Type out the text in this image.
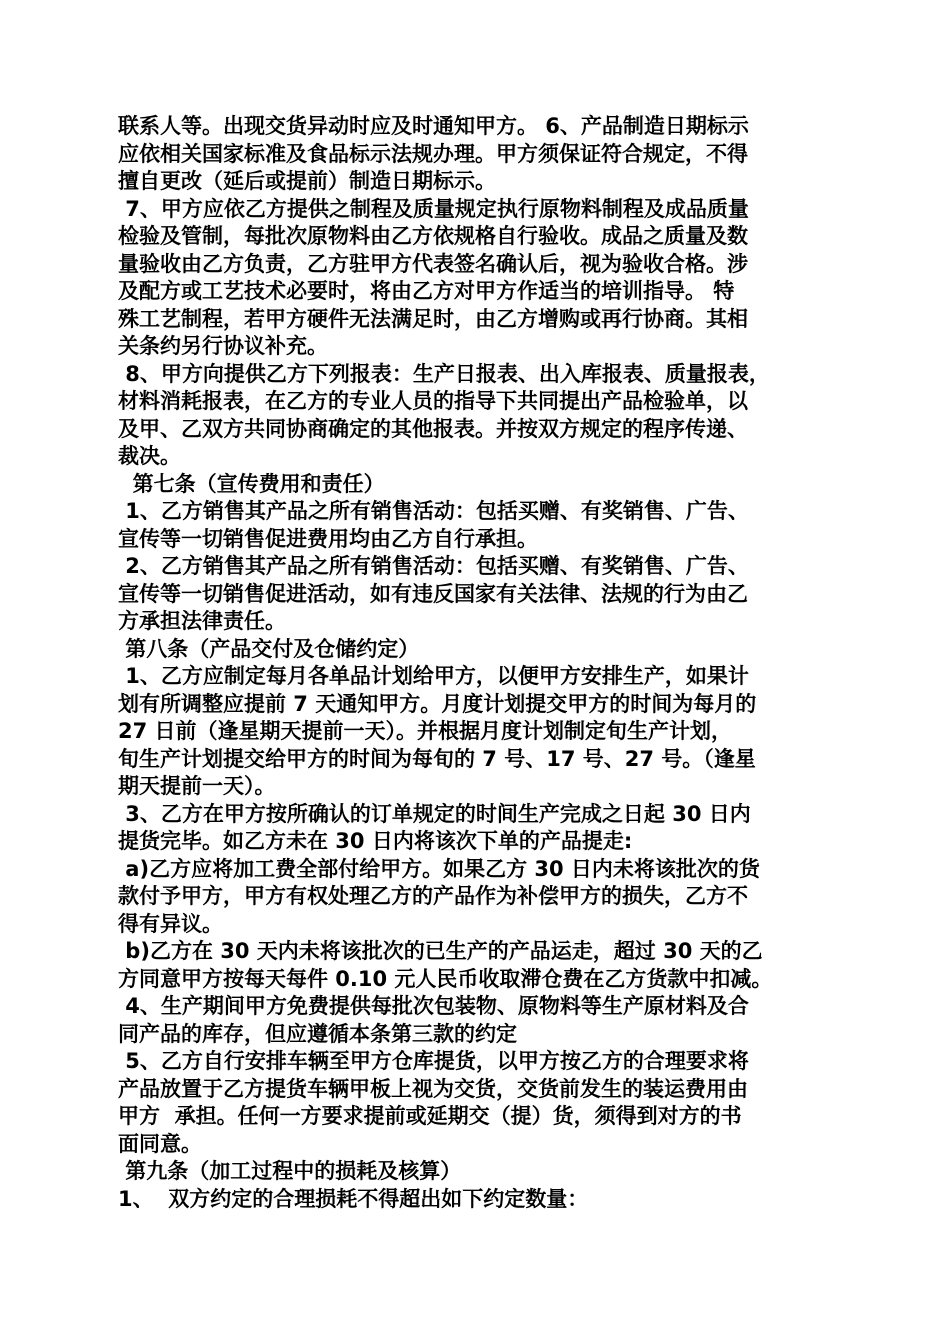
联系人等。出现交货异动时应及时通知甲方。 6、产品制造日期标示
应依相关国家标准及食品标示法规办理。甲方须保证符合规定，不得
擅自更改（延后或提前）制造日期标示。
7、甲方应依乙方提供之制程及质量规定执行原物料制程及成品质量
检验及管制，每批次原物料由乙方依规格自行验收。成品之质量及数
量验收由乙方负责，乙方驻甲方代表签名确认后，视为验收合格。涉
及配方或工艺技术必要时，将由乙方对甲方作适当的培训指导。 特
殊工艺制程，若甲方硬件无法满足时，由乙方增购或再行协商。其相
关条约另行协议补充。
8、甲方向提供乙方下列报表：生产日报表、出入库报表、质量报表，
材料消耗报表，在乙方的专业人员的指导下共同提出产品检验单，以
及甲、乙双方共同协商确定的其他报表。并按双方规定的程序传递、
裁决。
第七条（宣传费用和责任）
1、乙方销售其产品之所有销售活动：包括买赠、有奖销售、广告、
宣传等一切销售促进费用均由乙方自行承担。
2、乙方销售其产品之所有销售活动：包括买赠、有奖销售、广告、
宣传等一切销售促进活动，如有违反国家有关法律、法规的行为由乙
方承担法律责任。
第八条（产品交付及仓储约定）
1、乙方应制定每月各单品计划给甲方，以便甲方安排生产，如果计
划有所调整应提前 7 天通知甲方。月度计划提交甲方的时间为每月的
27 日前（逢星期天提前一天）。并根据月度计划制定旬生产计划，
旬生产计划提交给甲方的时间为每旬的 7 号、17 号、27 号。（逢星
期天提前一天）。
3、乙方在甲方按所确认的订单规定的时间生产完成之日起 30 日内
提货完毕。如乙方未在 30 日内将该次下单的产品提走:
a)乙方应将加工费全部付给甲方。如果乙方 30 日内未将该批次的货
款付予甲方，甲方有权处理乙方的产品作为补偿甲方的损失，乙方不
得有异议。
b)乙方在 30 天内未将该批次的已生产的产品运走，超过 30 天的乙
方同意甲方按每天每件 0.10 元人民币收取滞仓费在乙方货款中扣减。
4、生产期间甲方免费提供每批次包装物、原物料等生产原材料及合
同产品的库存，但应遵循本条第三款的约定
5、乙方自行安排车辆至甲方仓库提货，以甲方按乙方的合理要求将
产品放置于乙方提货车辆甲板上视为交货，交货前发生的装运费用由
甲方  承担。任何一方要求提前或延期交（提）货，须得到对方的书
面同意。
第九条（加工过程中的损耗及核算）
1、  双方约定的合理损耗不得超出如下约定数量：
